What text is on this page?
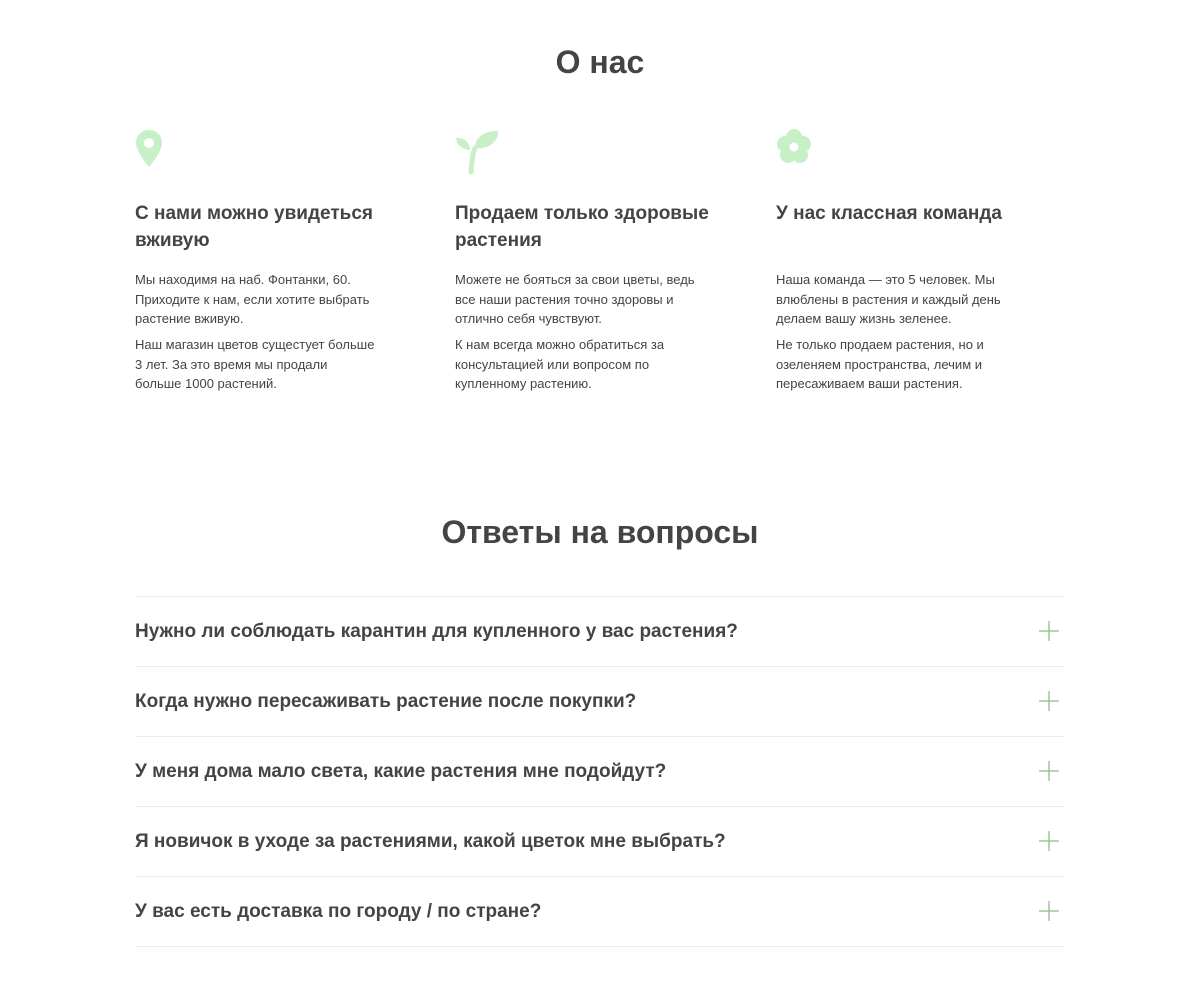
О нас
С нами можно увидеться вживую

Мы находимя на наб. Фонтанки, 60. Приходите к нам, если хотите выбрать растение вживую.

Наш магазин цветов сущестует больше 3 лет. За это время мы продали больше 1000 растений.

Продаем только здоровые растения

Можете не бояться за свои цветы, ведь все наши растения точно здоровы и отлично себя чувствуют.

К нам всегда можно обратиться за консультацией или вопросом по купленному растению.

У нас классная команда

Наша команда — это 5 человек. Мы влюблены в растения и каждый день делаем вашу жизнь зеленее.

Не только продаем растения, но и озеленяем пространства, лечим и пересаживаем ваши растения.

Ответы на вопросы
Нужно ли соблюдать карантин для купленного у вас растения?
Когда нужно пересаживать растение после покупки?
У меня дома мало света, какие растения мне подойдут?
Я новичок в уходе за растениями, какой цветок мне выбрать?
У вас есть доставка по городу / по стране?
